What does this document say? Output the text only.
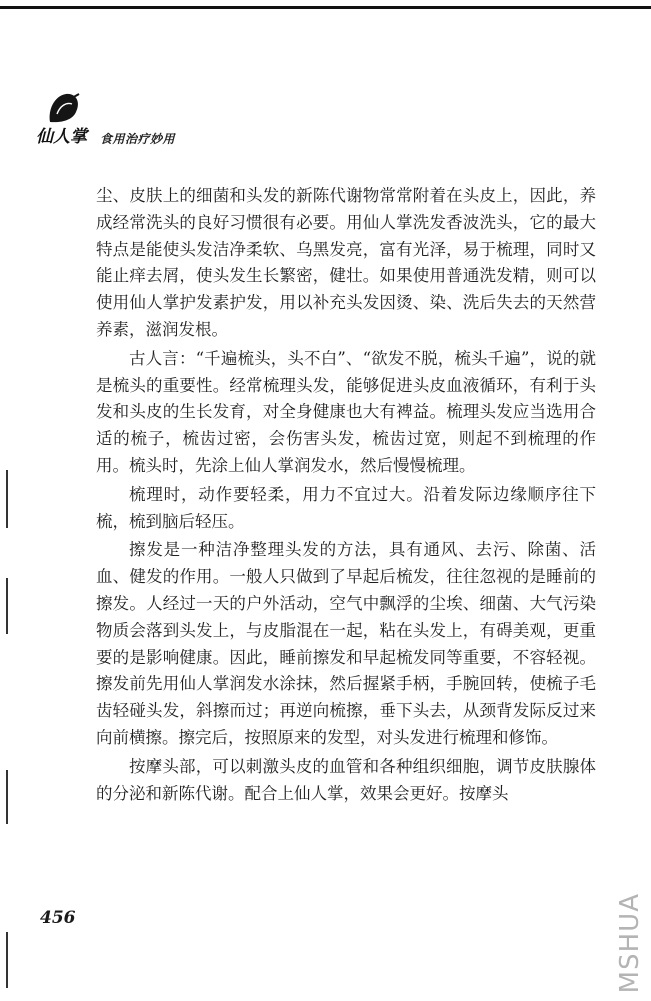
仙人掌 食用治疗妙用

尘、皮肤上的细菌和头发的新陈代谢物常常附着在头皮上，因此，养成经常洗头的良好习惯很有必要。用仙人掌洗发香波洗头，它的最大特点是能使头发洁净柔软、乌黑发亮，富有光泽，易于梳理，同时又能止痒去屑，使头发生长繁密，健壮。如果使用普通洗发精，则可以使用仙人掌护发素护发，用以补充头发因烫、染、洗后失去的天然营养素，滋润发根。

古人言：“千遍梳头，头不白”、“欲发不脱，梳头千遍”，说的就是梳头的重要性。经常梳理头发，能够促进头皮血液循环，有利于头发和头皮的生长发育，对全身健康也大有裨益。梳理头发应当选用合适的梳子，梳齿过密，会伤害头发，梳齿过宽，则起不到梳理的作用。梳头时，先涂上仙人掌润发水，然后慢慢梳理。

梳理时，动作要轻柔，用力不宜过大。沿着发际边缘顺序往下梳，梳到脑后轻压。

擦发是一种洁净整理头发的方法，具有通风、去污、除菌、活血、健发的作用。一般人只做到了早起后梳发，往往忽视的是睡前的擦发。人经过一天的户外活动，空气中飘浮的尘埃、细菌、大气污染物质会落到头发上，与皮脂混在一起，粘在头发上，有碍美观，更重要的是影响健康。因此，睡前擦发和早起梳发同等重要，不容轻视。擦发前先用仙人掌润发水涂抹，然后握紧手柄，手腕回转，使梳子毛齿轻碰头发，斜擦而过；再逆向梳擦，垂下头去，从颈背发际反过来向前横擦。擦完后，按照原来的发型，对头发进行梳理和修饰。

按摩头部，可以刺激头皮的血管和各种组织细胞，调节皮肤腺体的分泌和新陈代谢。配合上仙人掌，效果会更好。按摩头

456	MSHUA
